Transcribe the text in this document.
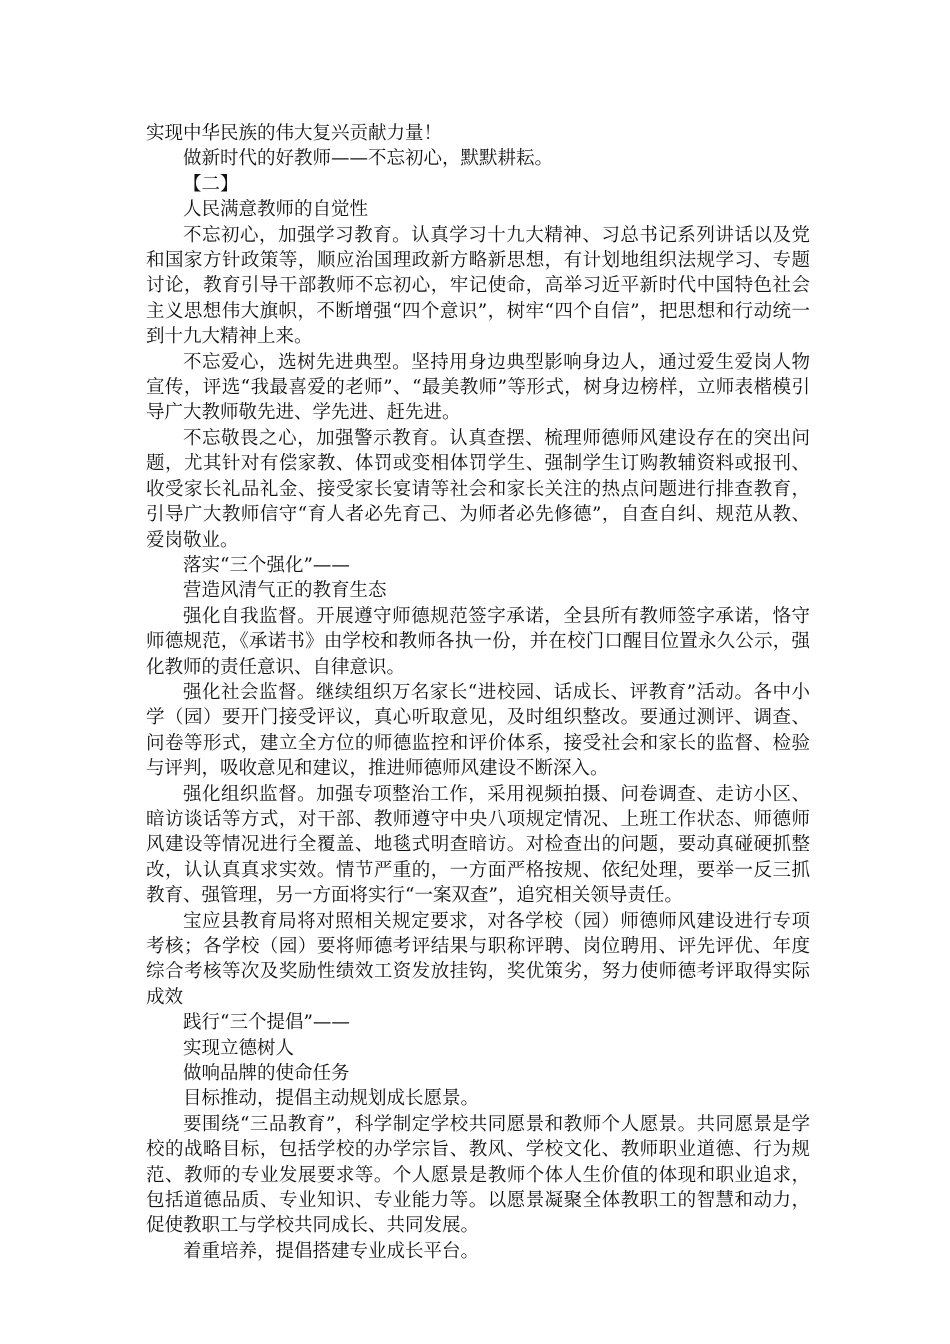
实现中华民族的伟大复兴贡献力量！

做新时代的好教师——不忘初心，默默耕耘。

【二】

人民满意教师的自觉性

不忘初心，加强学习教育。认真学习十九大精神、习总书记系列讲话以及党和国家方针政策等，顺应治国理政新方略新思想，有计划地组织法规学习、专题讨论，教育引导干部教师不忘初心，牢记使命，高举习近平新时代中国特色社会主义思想伟大旗帜，不断增强“四个意识”，树牢“四个自信”，把思想和行动统一到十九大精神上来。

不忘爱心，选树先进典型。坚持用身边典型影响身边人，通过爱生爱岗人物宣传，评选“我最喜爱的老师”、“最美教师”等形式，树身边榜样，立师表楷模引导广大教师敬先进、学先进、赶先进。

不忘敬畏之心，加强警示教育。认真查摆、梳理师德师风建设存在的突出问题，尤其针对有偿家教、体罚或变相体罚学生、强制学生订购教辅资料或报刊、收受家长礼品礼金、接受家长宴请等社会和家长关注的热点问题进行排查教育，引导广大教师信守“育人者必先育己、为师者必先修德”，自查自纠、规范从教、爱岗敬业。

落实“三个强化”——

营造风清气正的教育生态

强化自我监督。开展遵守师德规范签字承诺，全县所有教师签字承诺，恪守师德规范，《承诺书》由学校和教师各执一份，并在校门口醒目位置永久公示，强化教师的责任意识、自律意识。

强化社会监督。继续组织万名家长“进校园、话成长、评教育”活动。各中小学（园）要开门接受评议，真心听取意见，及时组织整改。要通过测评、调查、问卷等形式，建立全方位的师德监控和评价体系，接受社会和家长的监督、检验与评判，吸收意见和建议，推进师德师风建设不断深入。

强化组织监督。加强专项整治工作，采用视频拍摄、问卷调查、走访小区、暗访谈话等方式，对干部、教师遵守中央八项规定情况、上班工作状态、师德师风建设等情况进行全覆盖、地毯式明查暗访。对检查出的问题，要动真碰硬抓整改，认认真真求实效。情节严重的，一方面严格按规、依纪处理，要举一反三抓教育、强管理，另一方面将实行“一案双查”，追究相关领导责任。

宝应县教育局将对照相关规定要求，对各学校（园）师德师风建设进行专项考核；各学校（园）要将师德考评结果与职称评聘、岗位聘用、评先评优、年度综合考核等次及奖励性绩效工资发放挂钩，奖优策劣，努力使师德考评取得实际成效

践行“三个提倡”——

实现立德树人

做响品牌的使命任务

目标推动，提倡主动规划成长愿景。

要围绕“三品教育”，科学制定学校共同愿景和教师个人愿景。共同愿景是学校的战略目标，包括学校的办学宗旨、教风、学校文化、教师职业道德、行为规范、教师的专业发展要求等。个人愿景是教师个体人生价值的体现和职业追求，包括道德品质、专业知识、专业能力等。以愿景凝聚全体教职工的智慧和动力，促使教职工与学校共同成长、共同发展。

着重培养，提倡搭建专业成长平台。
